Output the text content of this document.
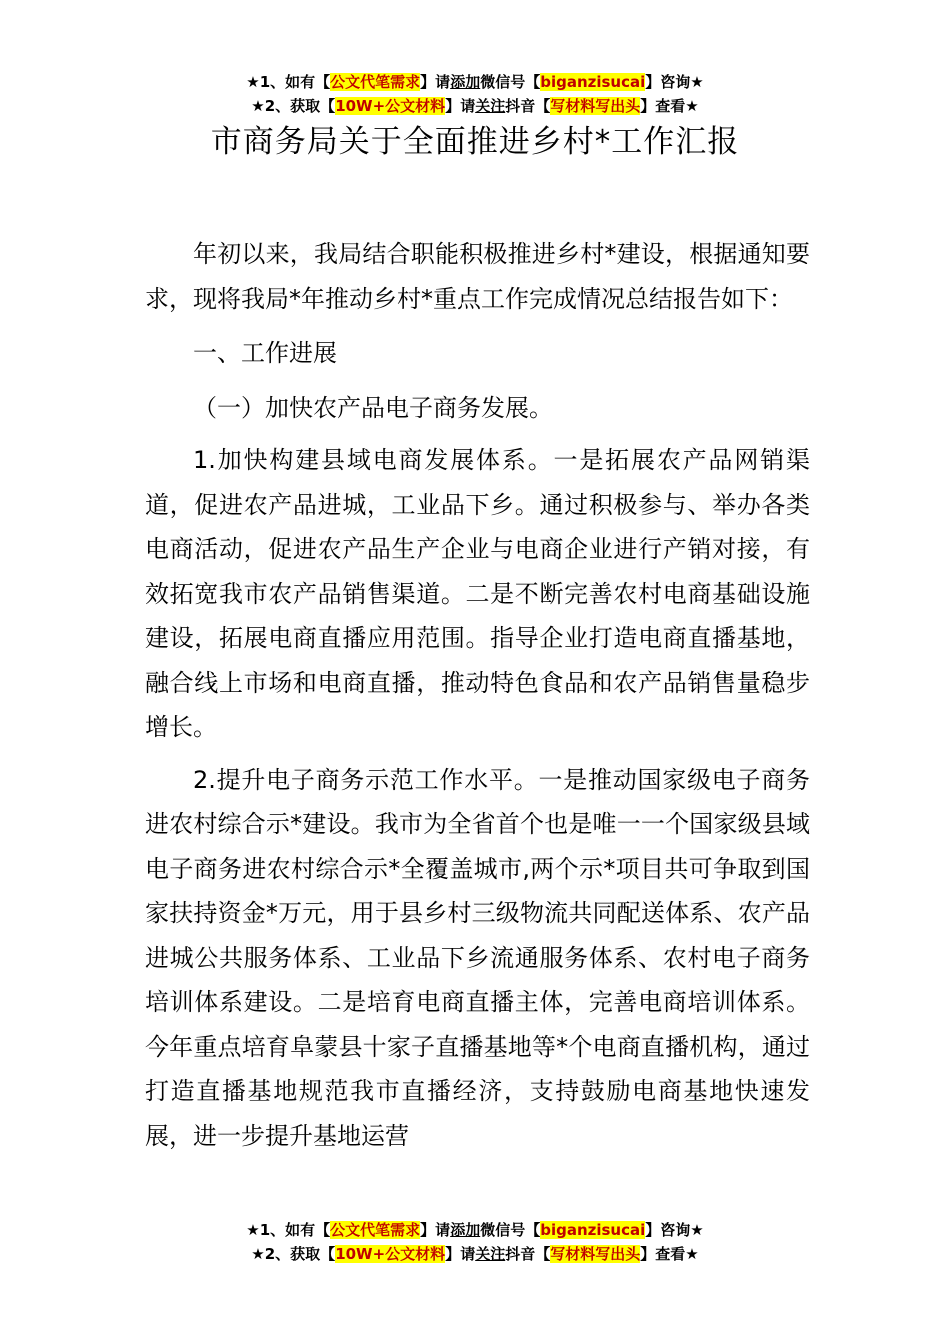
★1、如有【公文代笔需求】请添加微信号【biganzisucai】咨询★
★2、获取【10W+公文材料】请关注抖音【写材料写出头】查看★
市商务局关于全面推进乡村*工作汇报

年初以来，我局结合职能积极推进乡村*建设，根据通知要求，现将我局*年推动乡村*重点工作完成情况总结报告如下：

一、工作进展

（一）加快农产品电子商务发展。

1.加快构建县域电商发展体系。一是拓展农产品网销渠道，促进农产品进城，工业品下乡。通过积极参与、举办各类电商活动，促进农产品生产企业与电商企业进行产销对接，有效拓宽我市农产品销售渠道。二是不断完善农村电商基础设施建设，拓展电商直播应用范围。指导企业打造电商直播基地，融合线上市场和电商直播，推动特色食品和农产品销售量稳步增长。

2.提升电子商务示范工作水平。一是推动国家级电子商务进农村综合示*建设。我市为全省首个也是唯一一个国家级县域电子商务进农村综合示*全覆盖城市,两个示*项目共可争取到国家扶持资金*万元，用于县乡村三级物流共同配送体系、农产品进城公共服务体系、工业品下乡流通服务体系、农村电子商务培训体系建设。二是培育电商直播主体，完善电商培训体系。今年重点培育阜蒙县十家子直播基地等*个电商直播机构，通过打造直播基地规范我市直播经济，支持鼓励电商基地快速发展，进一步提升基地运营

★1、如有【公文代笔需求】请添加微信号【biganzisucai】咨询★
★2、获取【10W+公文材料】请关注抖音【写材料写出头】查看★
